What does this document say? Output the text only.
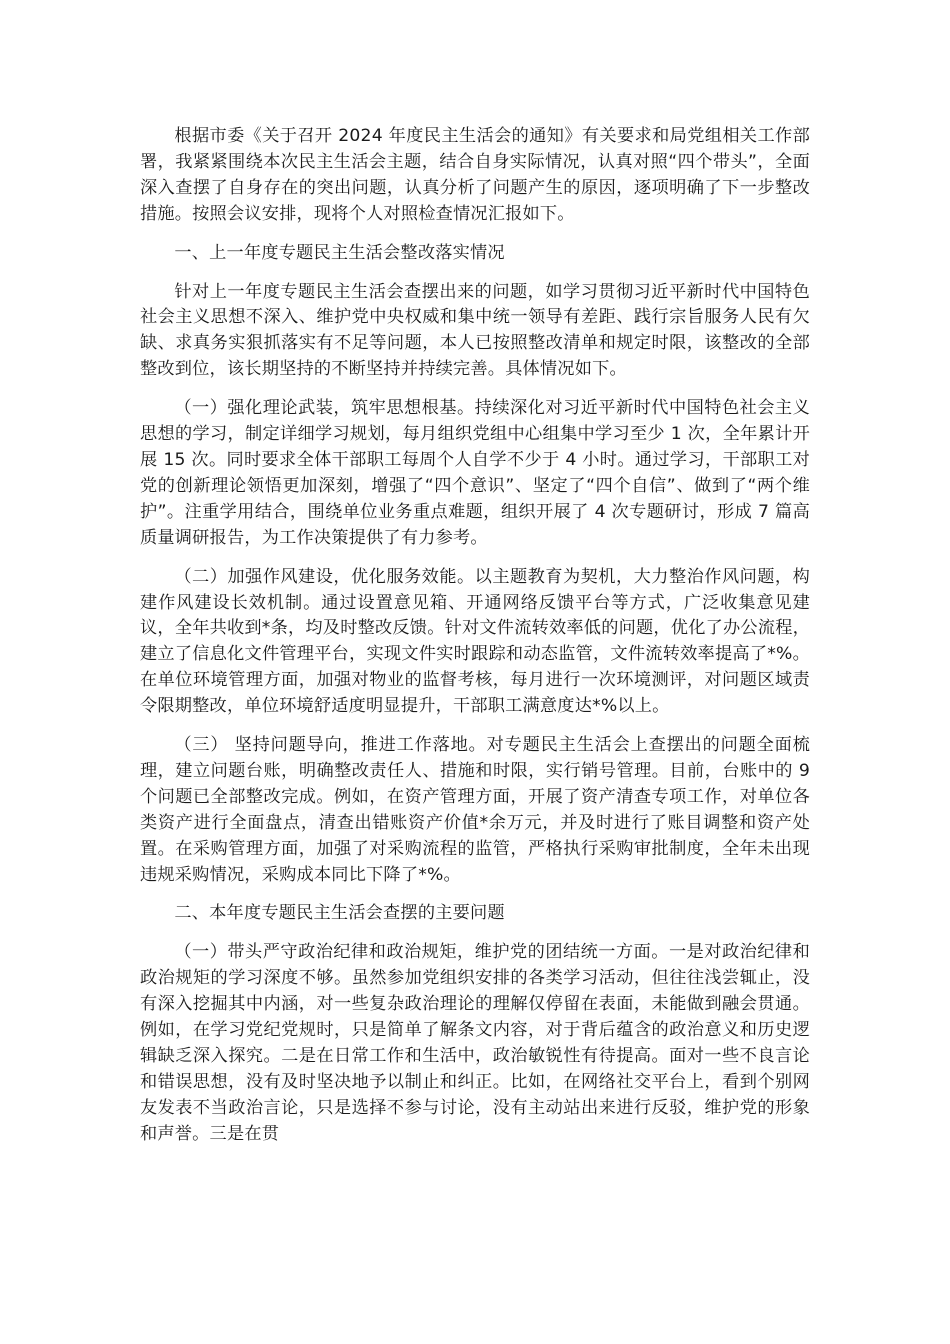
根据市委《关于召开 2024 年度民主生活会的通知》有关要求和局党组相关工作部署，我紧紧围绕本次民主生活会主题，结合自身实际情况，认真对照“四个带头”，全面深入查摆了自身存在的突出问题，认真分析了问题产生的原因，逐项明确了下一步整改措施。按照会议安排，现将个人对照检查情况汇报如下。

一、上一年度专题民主生活会整改落实情况

针对上一年度专题民主生活会查摆出来的问题，如学习贯彻习近平新时代中国特色社会主义思想不深入、维护党中央权威和集中统一领导有差距、践行宗旨服务人民有欠缺、求真务实狠抓落实有不足等问题，本人已按照整改清单和规定时限，该整改的全部整改到位，该长期坚持的不断坚持并持续完善。具体情况如下。

（一）强化理论武装，筑牢思想根基。持续深化对习近平新时代中国特色社会主义思想的学习，制定详细学习规划，每月组织党组中心组集中学习至少 1 次，全年累计开展 15 次。同时要求全体干部职工每周个人自学不少于 4 小时。通过学习，干部职工对党的创新理论领悟更加深刻，增强了“四个意识”、坚定了“四个自信”、做到了“两个维护”。注重学用结合，围绕单位业务重点难题，组织开展了 4 次专题研讨，形成 7 篇高质量调研报告，为工作决策提供了有力参考。

（二）加强作风建设，优化服务效能。以主题教育为契机，大力整治作风问题，构建作风建设长效机制。通过设置意见箱、开通网络反馈平台等方式，广泛收集意见建议，全年共收到*条，均及时整改反馈。针对文件流转效率低的问题，优化了办公流程，建立了信息化文件管理平台，实现文件实时跟踪和动态监管，文件流转效率提高了*%。在单位环境管理方面，加强对物业的监督考核，每月进行一次环境测评，对问题区域责令限期整改，单位环境舒适度明显提升，干部职工满意度达*%以上。

（三） 坚持问题导向，推进工作落地。对专题民主生活会上查摆出的问题全面梳理，建立问题台账，明确整改责任人、措施和时限，实行销号管理。目前，台账中的 9 个问题已全部整改完成。例如，在资产管理方面，开展了资产清查专项工作，对单位各类资产进行全面盘点，清查出错账资产价值*余万元，并及时进行了账目调整和资产处置。在采购管理方面，加强了对采购流程的监管，严格执行采购审批制度，全年未出现违规采购情况，采购成本同比下降了*%。

二、本年度专题民主生活会查摆的主要问题

（一）带头严守政治纪律和政治规矩，维护党的团结统一方面。一是对政治纪律和政治规矩的学习深度不够。虽然参加党组织安排的各类学习活动，但往往浅尝辄止，没有深入挖掘其中内涵，对一些复杂政治理论的理解仅停留在表面，未能做到融会贯通。例如，在学习党纪党规时，只是简单了解条文内容，对于背后蕴含的政治意义和历史逻辑缺乏深入探究。二是在日常工作和生活中，政治敏锐性有待提高。面对一些不良言论和错误思想，没有及时坚决地予以制止和纠正。比如，在网络社交平台上，看到个别网友发表不当政治言论，只是选择不参与讨论，没有主动站出来进行反驳，维护党的形象和声誉。三是在贯
